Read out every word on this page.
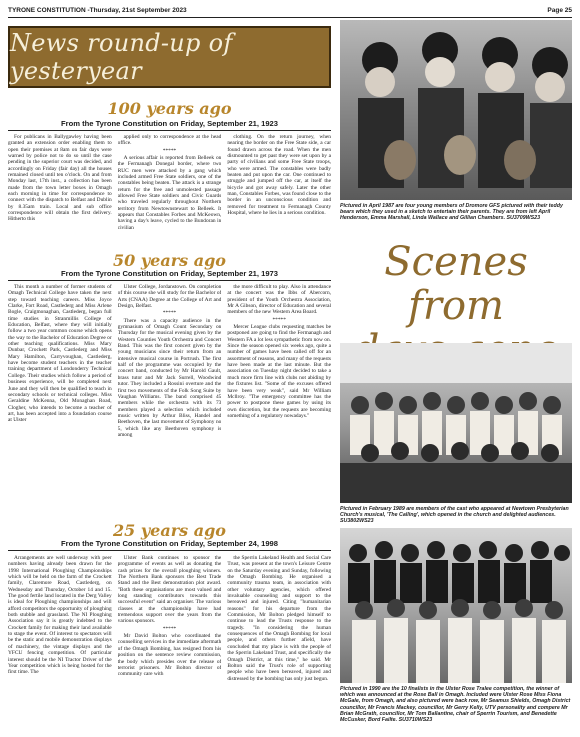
TYRONE CONSTITUTION -Thursday, 21st September 2023	Page 25
News round-up of yesteryear
100 years ago
From the Tyrone Constitution on Friday, September 21, 1923

For publicans in Ballygawley having been granted an extension order enabling them to open their premises at 8am on fair days were warned by police not to do so until the case pending in the superior court was decided, and accordingly on Friday (fair day) all the houses remained closed until ten o'clock. On and from Monday last, 17th inst., a collection has been made from the town letter boxes in Omagh each morning in time for correspondence to connect with the dispatch to Belfast and Dublin by 8.35am train. Local and sub office correspondence will obtain the first delivery. Hitherto this

applied only to correspondence at the head office.

*****

A serious affair is reported from Belleek on the Fermanagh Donegal border, where two RUC men were attacked by a gang which included armed Free State soldiers, one of the constables being beaten. The attack is a strange return for the free and unmolested passage allowed Free State soldiers and Civic Guards who traveled regularly throughout Northern territory from Newtownstewart to Belleek. It appears that Constables Forbes and McKeown, having a day's leave, cycled to the Bundoran in civilian

clothing. On the return journey, when nearing the border on the Free State side, a car found drawn across the road. When the men dismounted to get past they were set upon by a party of civilians and some Free State troops, who were armed. The constables were badly beaten and put upon the car. One continued to struggle and jumped off the car, at itself the bicycle and got away safely. Later the other man, Constables Forbes, was found close to the border in an unconscious condition and removed for treatment to Fermanagh County Hospital, where he lies in a serious condition.

50 years ago
From the Tyrone Constitution on Friday, September 21, 1973

This month a number of former students of Omagh Technical College have taken the next step toward teaching careers. Miss Joyce Clarke, Fort Road, Castlederg and Miss Arlene Bogle, Craigmonaghan, Castlederg, began full time studies in Stranmillis College of Education, Belfast, where they will initially follow a two year common course which opens the way to the Bachelor of Education Degree or other teaching qualifications. Miss Mary Dunbar, Crockett Park, Castlederg and Miss Mary Hamilton, Carryvoughan, Castlederg, have become student teachers in the teacher training department of Londonderry Technical College. Their studies which follow a period of business experience, will be completed next June and they will then be qualified to teach in secondary schools or technical colleges. Miss Geraldine McKenna, Old Monaghan Road, Clogher, who intends to become a teacher of art, has been accepted into a foundation course at Ulster

Ulster College, Jordanstown. On completion of this course she will study for the Bachelor of Arts (CNAA) Degree at the College of Art and Design, Belfast.

*****

There was a capacity audience in the gymnasium of Omagh Count Secondary on Thursday for the musical evening given by the Western Counties Youth Orchestra and Concert Band. This was the first concert given by the young musicians since their return from an intensive musical course in Portrush. The first half of the programme was occupied by the concert band, conducted by Mr Harold Gault, brass tutor and Mr Jack Surrell, Woodwind tutor. They included a Rossini overture and the first two movements of the Folk Song Suite by Vaughan Williams. The band comprised 45 members while the orchestra with its 73 members played a selection which included music written by Arthur Bliss, Handel and Beethoven, the last movement of Symphony no 5, which like any Beethoven symphony is among

the more difficult to play. Also in attendance at the concert was the Ibbs of Abercorn, president of the Youth Orchestra Association, Mr A Gibson, director of Education and several members of the new Western Area Board.

*****

Mercer League clubs requesting matches be postponed are going to find the Fermanagh and Western FA a lot less sympathetic from now on. Since the season opened six weeks ago, quite a number of games have been called off for an assortment of reasons, and many of the requests have been made at the last minute. But the association on Tuesday night decided to take a much more firm line with clubs not abiding by the fixtures list. "Some of the excuses offered have been very weak", said Mr William Mcllroy. "The emergency committee has the power to postpone these games by using its own discretion, but the requests are becoming something of a regulatory nowadays."

25 years ago
From the Tyrone Constitution on Friday, September 24, 1998

Arrangements are well underway with peer numbers having already been drawn for the 1998 International Ploughing Championships which will be held on the farm of the Crockett family, Claremore Road, Castlederg, on Wednesday and Thursday, October 14 and 15. The good fertile land located in the Derg Valley is ideal for Ploughing championships and will afford competitors the opportunity of ploughing both stubble and grassland. The NI Ploughing Association say it is greatly indebted to the Crockett family for making their land available to stage the event. Of interest to spectators will be the static and mobile demonstration displays of machinery, the vintage displays and the YFCU fencing competition. Of particular interest should be the NI Tractor Driver of the Year competition which is being hosted for the first time. The

Ulster Bank continues to sponsor the programme of events as well as donating the cash prizes for the overall ploughing winners. The Northern Bank sponsors the Best Trade Stand and the Best demonstration plot award. "Both these organisations are most valued and long standing contributors towards this successful event" said an organiser. The various classes at the championship have had tremendous support over the years from the various sponsors.

*****

Mr David Bolton who coordinated the counselling services in the immediate aftermath of the Omagh Bombing, has resigned from his position on the sentence review commission, the body which presides over the release of terrorist prisoners. Mr Bolton director of community care with

the Sperrin Lakeland Health and Social Care Trust, was present at the town's Leisure Centre on the Saturday evening and Sunday, following the Omagh Bombing. He organised a community trauma team, in association with other voluntary agencies, which offered invaluable counseling and support to the bereaved and injured. Citing "humanitarian reasons" for his departure from the Commission, Mr Bolton pledged himself to continue to lead the Trusts response to the tragedy. "In considering the human consequences of the Omagh Bombing for local people, and others further afield, have concluded that my place is with the people of the Sperrin Lakeland Trust, and specifically the Omagh District, at this time," he said. Mr Bolton said the Trust's role of supporting people who have been bereaved, injured and distressed by the bombing has only just begun.

Pictured in April 1987 are four young members of Dromore GFS pictured with their teddy bears which they used in a sketch to entertain their parents. They are from left April Henderson, Emma Marshall, Linda Wallace and Gillian Chambers. SU3709WS23
Scenes from
Pictured in February 1989 are members of the cast who appeared at Newtown Presbyterian Church's musical, 'The Calling', which opened in the church and delighted audiences. SU3802WS23
Pictured in 1990 are the 10 finalists in the Ulster Rose Tralee competition, the winner of which was announced at the Rose Ball in Omagh. Included were Ulster Rose Miss Fiona McGale, from Omagh, and also pictured were back row, Mr Seamus Shields, Omagh District councillor, Mr Francis Mackey, councillor, Mr Gerry Kelly, UTV personality and compere Mr Brian McGrath, councillor, Mr Tom Ballantine, chair of Sperrin Tourism, and Benedette McCusker, Bord Failte. SU3710WS23
